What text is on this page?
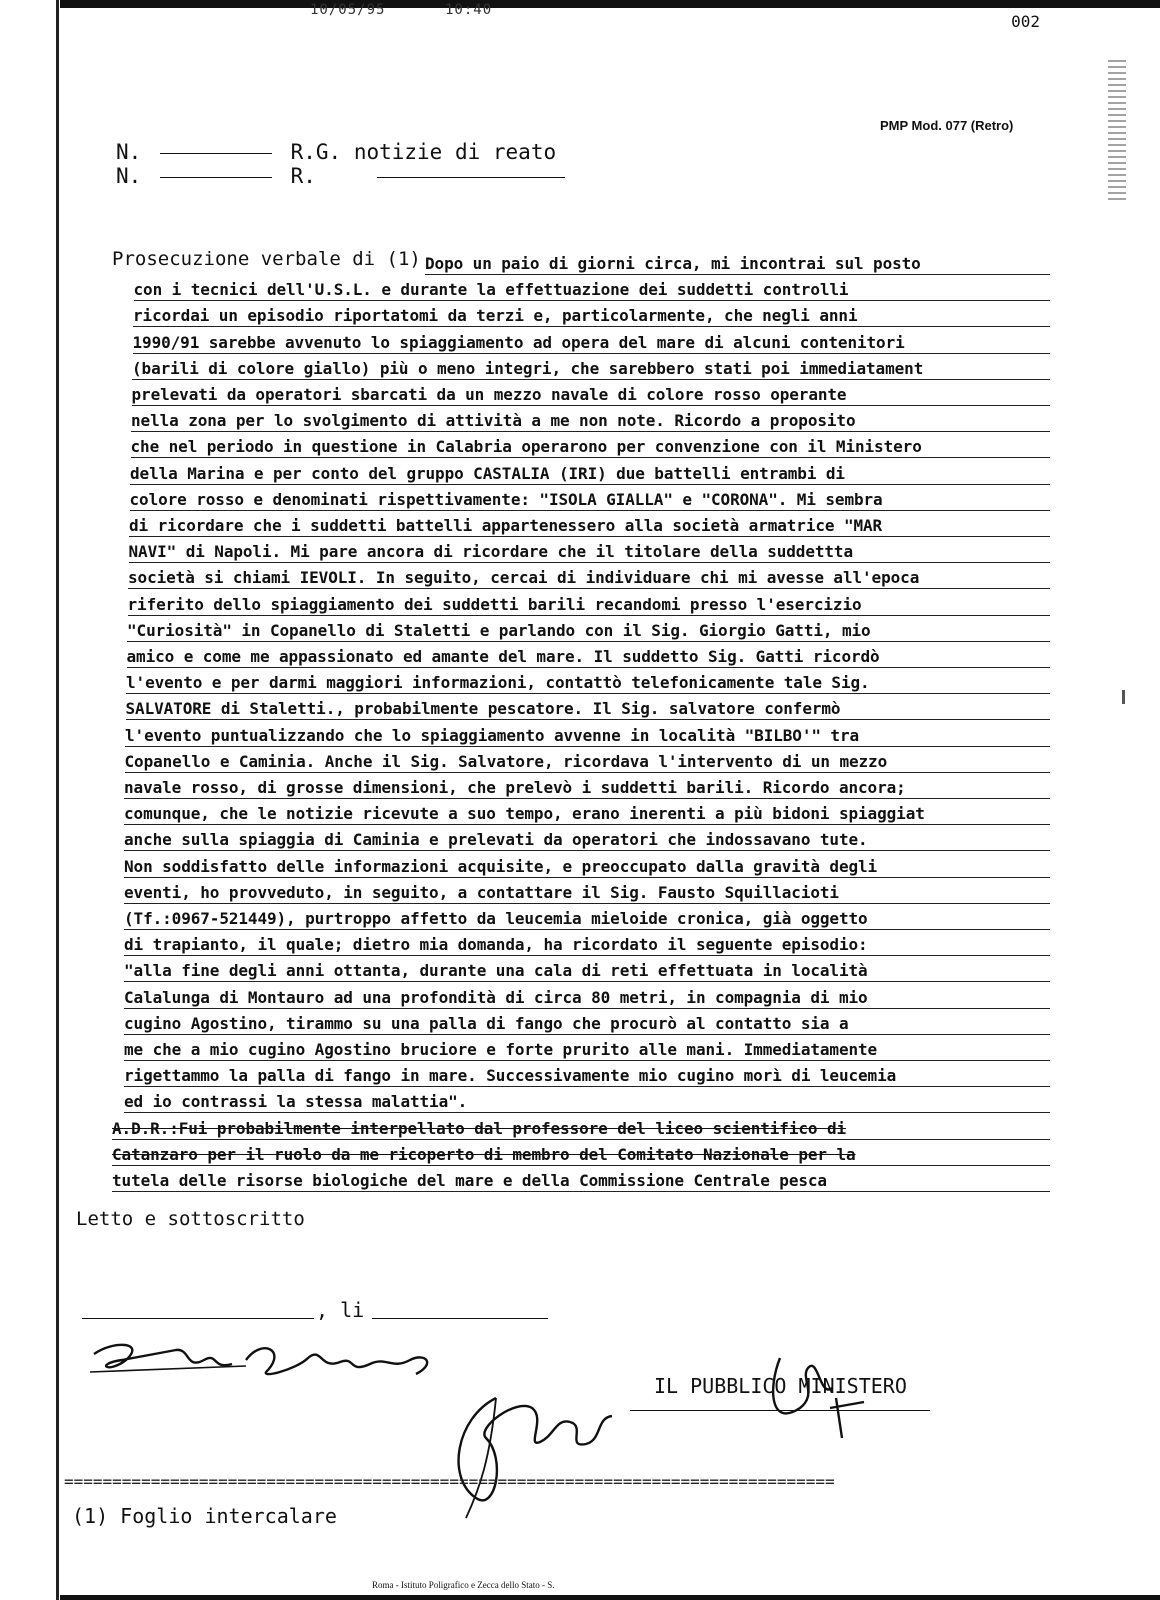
10/05/95	10:40
002
PMP Mod. 077 (Retro)
N.	R.G. notizie di reato
N.	R.
Prosecuzione verbale di (1) Dopo un paio di giorni circa, mi incontrai sul posto
con i tecnici dell'U.S.L. e durante la effettuazione dei suddetti controlli
ricordai un episodio riportatomi da terzi e, particolarmente, che negli anni
1990/91 sarebbe avvenuto lo spiaggiamento ad opera del mare di alcuni contenitori
(barili di colore giallo) più o meno integri, che sarebbero stati poi immediatament
prelevati da operatori sbarcati da un mezzo navale di colore rosso operante
nella zona per lo svolgimento di attività a me non note. Ricordo a proposito
che nel periodo in questione in Calabria operarono per convenzione con il Ministero
della Marina e per conto del gruppo CASTALIA (IRI) due battelli entrambi di
colore rosso e denominati rispettivamente: "ISOLA GIALLA" e "CORONA". Mi sembra
di ricordare che i suddetti battelli appartenessero alla società armatrice "MAR
NAVI" di Napoli. Mi pare ancora di ricordare che il titolare della suddettta
società si chiami IEVOLI. In seguito, cercai di individuare chi mi avesse all'epoca
riferito dello spiaggiamento dei suddetti barili recandomi presso l'esercizio
"Curiosità" in Copanello di Staletti e parlando con il Sig. Giorgio Gatti, mio
amico e come me appassionato ed amante del mare. Il suddetto Sig. Gatti ricordò
l'evento e per darmi maggiori informazioni, contattò telefonicamente tale Sig.
SALVATORE di Staletti., probabilmente pescatore. Il Sig. salvatore confermò
l'evento puntualizzando che lo spiaggiamento avvenne in località "BILBO'" tra
Copanello e Caminia. Anche il Sig. Salvatore, ricordava l'intervento di un mezzo
navale rosso, di grosse dimensioni, che prelevò i suddetti barili. Ricordo ancora;
comunque, che le notizie ricevute a suo tempo, erano inerenti a più bidoni spiaggiat
anche sulla spiaggia di Caminia e prelevati da operatori che indossavano tute.
Non soddisfatto delle informazioni acquisite, e preoccupato dalla gravità degli
eventi, ho provveduto, in seguito, a contattare il Sig. Fausto Squillacioti
(Tf.:0967-521449), purtroppo affetto da leucemia mieloide cronica, già oggetto
di trapianto, il quale; dietro mia domanda, ha ricordato il seguente episodio:
"alla fine degli anni ottanta, durante una cala di reti effettuata in località
Calalunga di Montauro ad una profondità di circa 80 metri, in compagnia di mio
cugino Agostino, tirammo su una palla di fango che procurò al contatto sia a
me che a mio cugino Agostino bruciore e forte prurito alle mani. Immediatamente
rigettammo la palla di fango in mare. Successivamente mio cugino morì di leucemia
ed io contrassi la stessa malattia".
A.D.R.:Fui probabilmente interpellato dal professore del liceo scientifico di
Catanzaro per il ruolo da me ricoperto di membro del Comitato Nazionale per la
tutela delle risorse biologiche del mare e della Commissione Centrale pesca
Letto e sottoscritto
, li
IL PUBBLICO MINISTERO
================================================================================
(1) Foglio intercalare
Roma - Istituto Poligrafico e Zecca dello Stato - S.
